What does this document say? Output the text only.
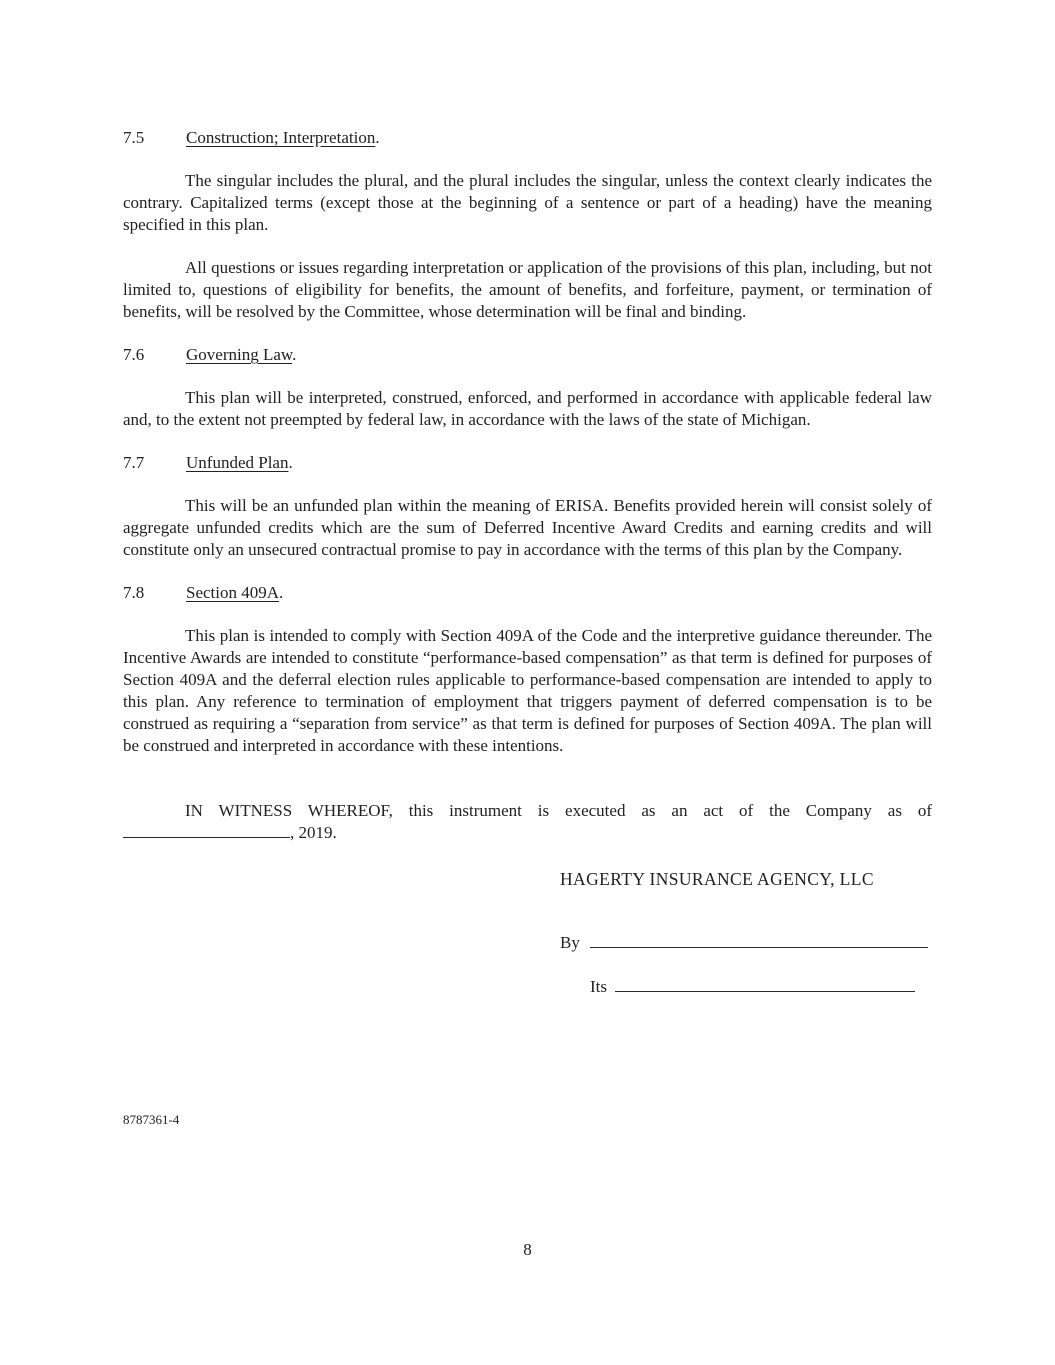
7.5 Construction; Interpretation.

The singular includes the plural, and the plural includes the singular, unless the context clearly indicates the contrary. Capitalized terms (except those at the beginning of a sentence or part of a heading) have the meaning specified in this plan.

All questions or issues regarding interpretation or application of the provisions of this plan, including, but not limited to, questions of eligibility for benefits, the amount of benefits, and forfeiture, payment, or termination of benefits, will be resolved by the Committee, whose determination will be final and binding.

7.6 Governing Law.

This plan will be interpreted, construed, enforced, and performed in accordance with applicable federal law and, to the extent not preempted by federal law, in accordance with the laws of the state of Michigan.

7.7 Unfunded Plan.

This will be an unfunded plan within the meaning of ERISA. Benefits provided herein will consist solely of aggregate unfunded credits which are the sum of Deferred Incentive Award Credits and earning credits and will constitute only an unsecured contractual promise to pay in accordance with the terms of this plan by the Company.

7.8 Section 409A.

This plan is intended to comply with Section 409A of the Code and the interpretive guidance thereunder. The Incentive Awards are intended to constitute “performance-based compensation” as that term is defined for purposes of Section 409A and the deferral election rules applicable to performance-based compensation are intended to apply to this plan. Any reference to termination of employment that triggers payment of deferred compensation is to be construed as requiring a “separation from service” as that term is defined for purposes of Section 409A. The plan will be construed and interpreted in accordance with these intentions.

IN WITNESS WHEREOF, this instrument is executed as an act of the Company as of
, 2019.
HAGERTY INSURANCE AGENCY, LLC
By
Its
8787361-4
8
